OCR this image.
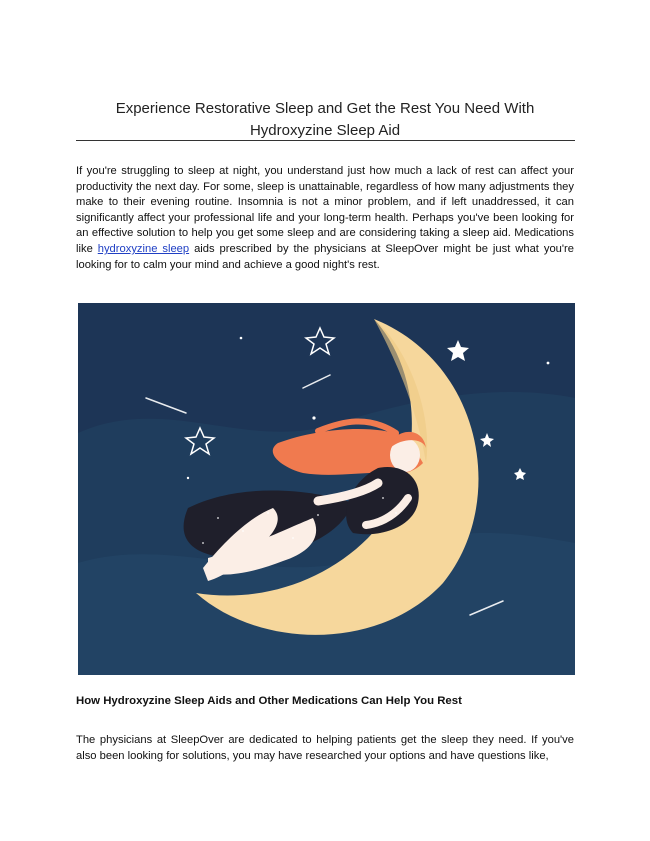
Experience Restorative Sleep and Get the Rest You Need With
Hydroxyzine Sleep Aid

If you're struggling to sleep at night, you understand just how much a lack of rest can affect your productivity the next day. For some, sleep is unattainable, regardless of how many adjustments they make to their evening routine. Insomnia is not a minor problem, and if left unaddressed, it can significantly affect your professional life and your long-term health. Perhaps you've been looking for an effective solution to help you get some sleep and are considering taking a sleep aid. Medications like hydroxyzine sleep aids prescribed by the physicians at SleepOver might be just what you're looking for to calm your mind and achieve a good night's rest.

How Hydroxyzine Sleep Aids and Other Medications Can Help You Rest

The physicians at SleepOver are dedicated to helping patients get the sleep they need. If you've also been looking for solutions, you may have researched your options and have questions like,
